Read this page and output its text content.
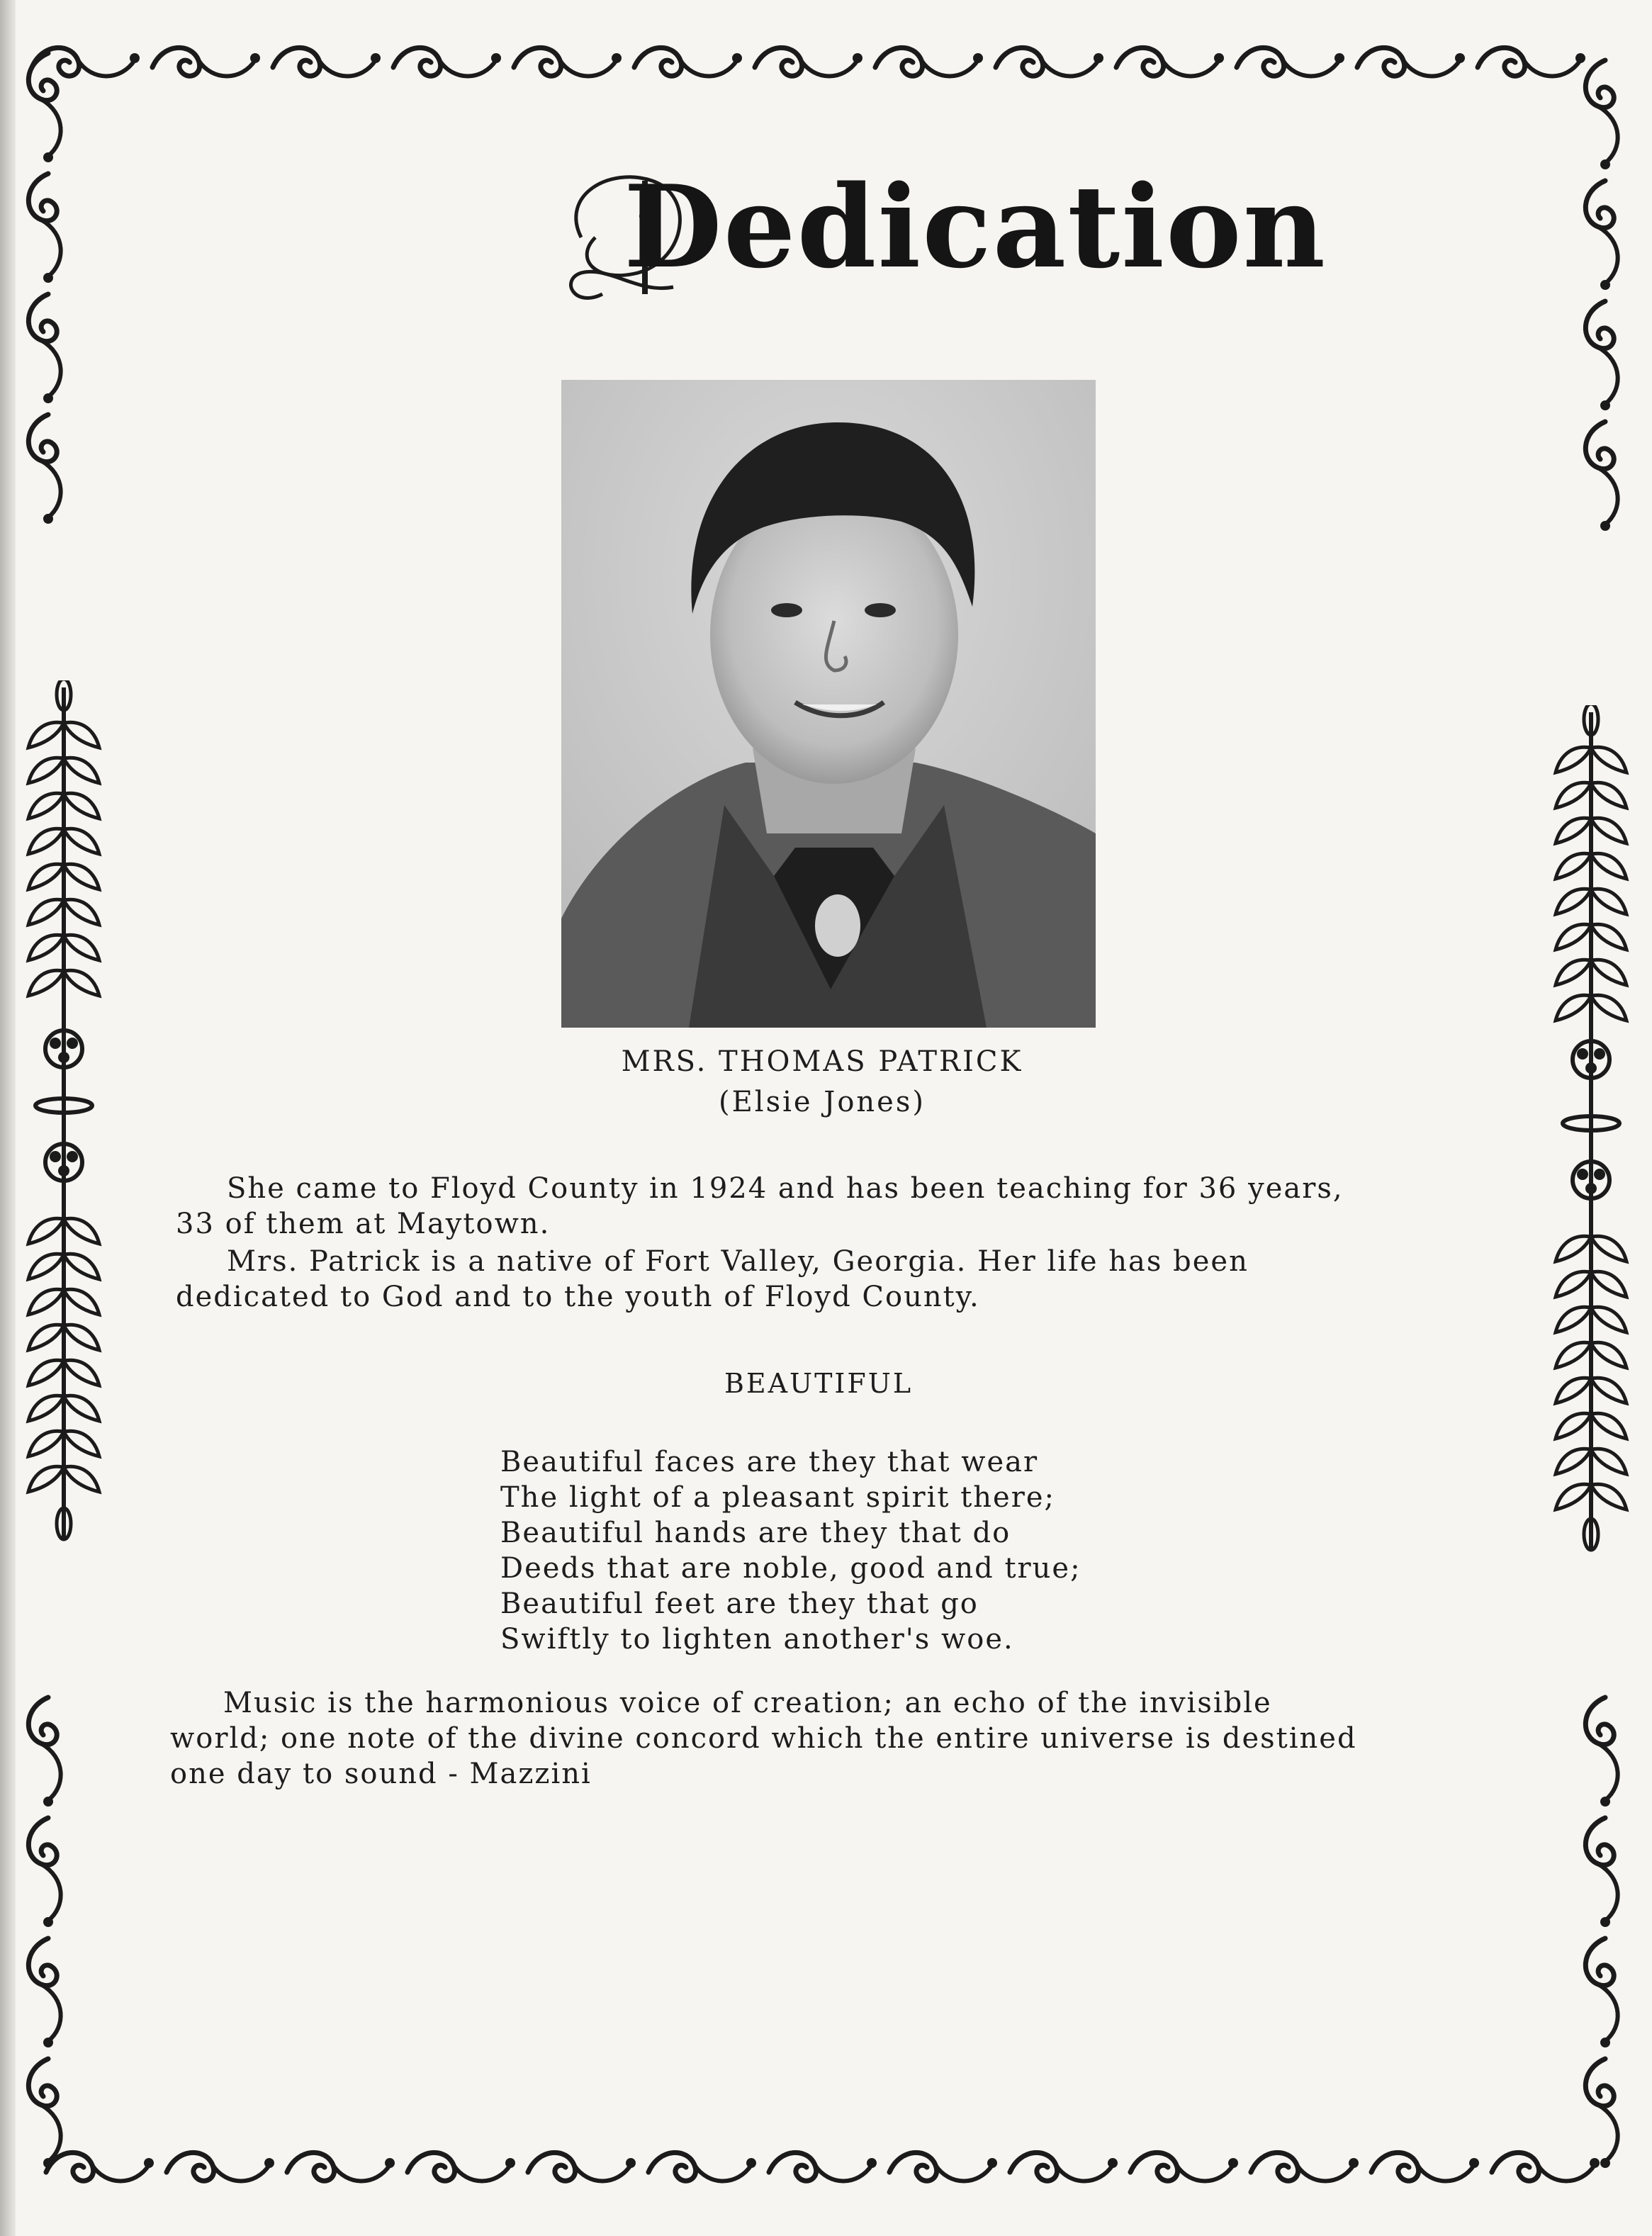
Dedication
MRS. THOMAS PATRICK
(Elsie Jones)
She came to Floyd County in 1924 and has been teaching for 36 years,
33 of them at Maytown.
Mrs. Patrick is a native of Fort Valley, Georgia. Her life has been
dedicated to God and to the youth of Floyd County.
BEAUTIFUL
Beautiful faces are they that wear
The light of a pleasant spirit there;
Beautiful hands are they that do
Deeds that are noble, good and true;
Beautiful feet are they that go
Swiftly to lighten another's woe.
Music is the harmonious voice of creation; an echo of the invisible
world; one note of the divine concord which the entire universe is destined
one day to sound - Mazzini
